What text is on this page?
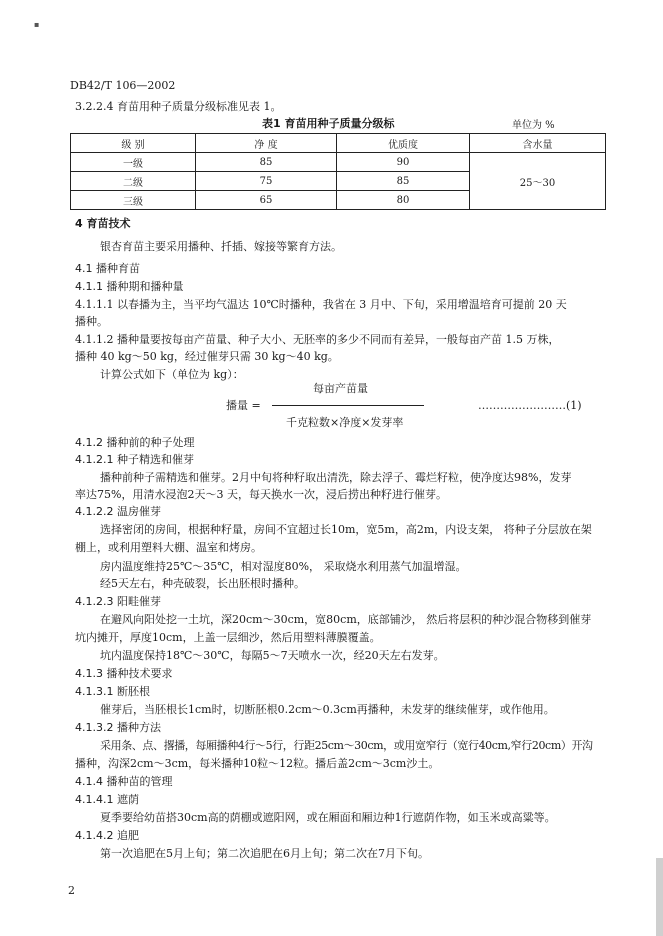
▪
DB42/T 106—2002
3.2.2.4 育苗用种子质量分级标准见表 1。
表1 育苗用种子质量分级标	单位为 %
级 别	净 度	优质度	含水量
一级	85	90	25～30
二级	75	85	
三级	65	80	
4 育苗技术
银杏育苗主要采用播种、扦插、嫁接等繁育方法。
4.1 播种育苗
4.1.1 播种期和播种量
4.1.1.1 以春播为主，当平均气温达 10℃时播种，我省在 3 月中、下旬，采用增温培育可提前 20 天
播种。
4.1.1.2 播种量要按每亩产苗量、种子大小、无胚率的多少不同而有差异，一般每亩产苗 1.5 万株，
播种 40 kg～50 kg，经过催芽只需 30 kg～40 kg。
计算公式如下（单位为 kg）：
每亩产苗量
播量 =
千克粒数×净度×发芽率
……………………(1)
4.1.2 播种前的种子处理
4.1.2.1 种子精选和催芽
播种前种子需精选和催芽。2月中旬将种籽取出清洗，除去浮子、霉烂籽粒，使净度达98%，发芽
率达75%，用清水浸泡2天～3 天，每天换水一次，浸后捞出种籽进行催芽。
4.1.2.2 温房催芽
选择密闭的房间，根据种籽量，房间不宜超过长10m，宽5m，高2m，内设支架， 将种子分层放在架
棚上，或利用塑料大棚、温室和烤房。
房内温度维持25℃～35℃，相对湿度80%， 采取烧水利用蒸气加温增湿。
经5天左右，种壳破裂，长出胚根时播种。
4.1.2.3 阳畦催芽
在避风向阳处挖一土坑，深20cm～30cm，宽80cm，底部铺沙， 然后将层积的种沙混合物移到催芽
坑内摊开，厚度10cm，上盖一层细沙，然后用塑料薄膜覆盖。
坑内温度保持18℃～30℃，每隔5～7天喷水一次，经20天左右发芽。
4.1.3 播种技术要求
4.1.3.1 断胚根
催芽后，当胚根长1cm时，切断胚根0.2cm～0.3cm再播种，未发芽的继续催芽，或作他用。
4.1.3.2 播种方法
采用条、点、撂播，每厢播种4行～5行，行距25cm～30cm，或用宽窄行（宽行40cm,窄行20cm）开沟
播种，沟深2cm～3cm，每米播种10粒～12粒。播后盖2cm～3cm沙土。
4.1.4 播种苗的管理
4.1.4.1 遮荫
夏季要给幼苗搭30cm高的荫棚或遮阳网，或在厢面和厢边种1行遮荫作物，如玉米或高粱等。
4.1.4.2 追肥
第一次追肥在5月上旬；第二次追肥在6月上旬；第二次在7月下旬。
2
